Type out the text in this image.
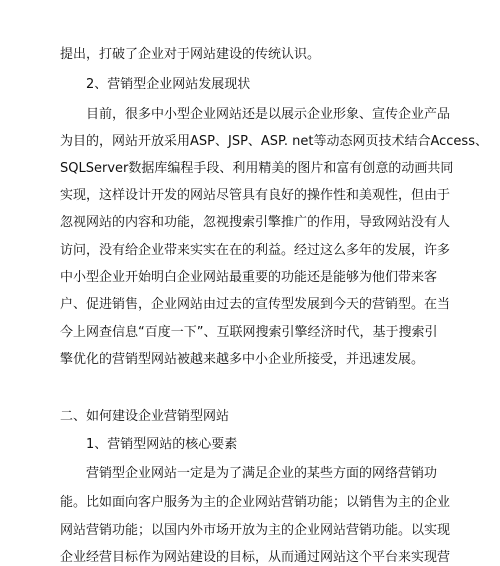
提出，打破了企业对于网站建设的传统认识。
2、营销型企业网站发展现状
目前，很多中小型企业网站还是以展示企业形象、宣传企业产品
为目的，网站开放采用ASP、JSP、ASP. net等动态网页技术结合Access、
SQLServer数据库编程手段、利用精美的图片和富有创意的动画共同
实现，这样设计开发的网站尽管具有良好的操作性和美观性，但由于
忽视网站的内容和功能，忽视搜索引擎推广的作用，导致网站没有人
访问，没有给企业带来实实在在的利益。经过这么多年的发展，许多
中小型企业开始明白企业网站最重要的功能还是能够为他们带来客
户、促进销售，企业网站由过去的宣传型发展到今天的营销型。在当
今上网查信息“百度一下”、互联网搜索引擎经济时代，基于搜索引
擎优化的营销型网站被越来越多中小企业所接受，并迅速发展。
二、如何建设企业营销型网站
1、营销型网站的核心要素
营销型企业网站一定是为了满足企业的某些方面的网络营销功
能。比如面向客户服务为主的企业网站营销功能；以销售为主的企业
网站营销功能；以国内外市场开放为主的企业网站营销功能。以实现
企业经营目标作为网站建设的目标，从而通过网站这个平台来实现营
